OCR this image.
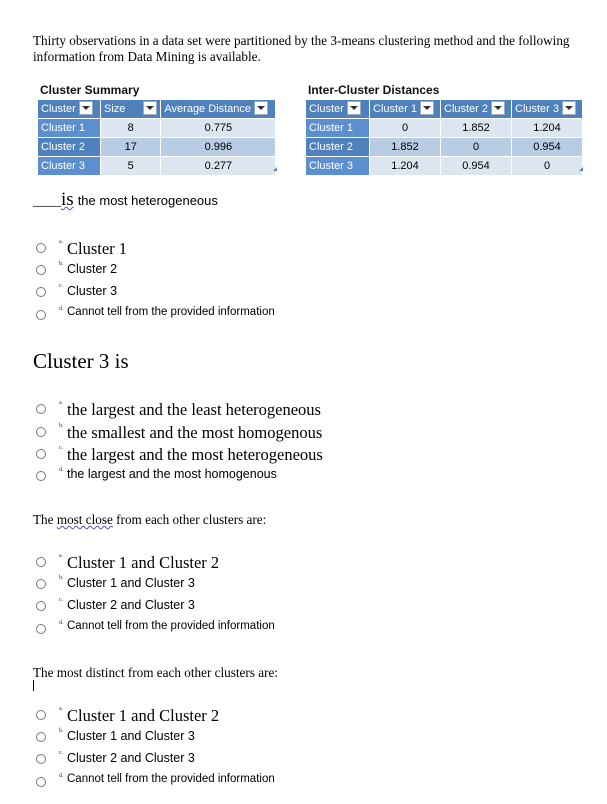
Thirty observations in a data set were partitioned by the 3-means clustering method and the following information from Data Mining is available.
Cluster Summary
Cluster	Size	Average Distance
Cluster 1	8	0.775
Cluster 2	17	0.996
Cluster 3	5	0.277
Inter-Cluster Distances
Cluster	Cluster 1	Cluster 2	Cluster 3
Cluster 1	0	1.852	1.204
Cluster 2	1.852	0	0.954
Cluster 3	1.204	0.954	0
____is the most heterogeneous
a. Cluster 1
b. Cluster 2
c. Cluster 3
d. Cannot tell from the provided information
Cluster 3 is
a. the largest and the least heterogeneous
b. the smallest and the most homogenous
c. the largest and the most heterogeneous
d. the largest and the most homogenous
The most close from each other clusters are:
a. Cluster 1 and Cluster 2
b. Cluster 1 and Cluster 3
c. Cluster 2 and Cluster 3
d. Cannot tell from the provided information
The most distinct from each other clusters are:
a. Cluster 1 and Cluster 2
b. Cluster 1 and Cluster 3
c. Cluster 2 and Cluster 3
d. Cannot tell from the provided information
